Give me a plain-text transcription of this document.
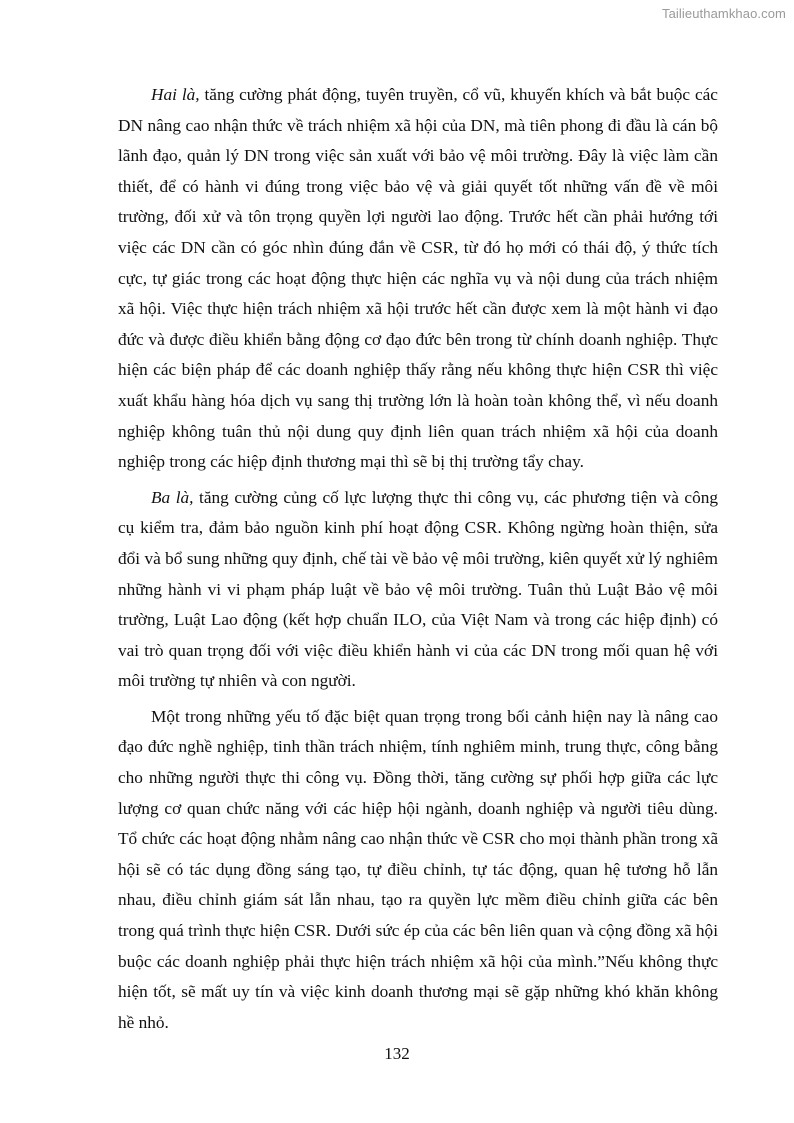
Tailieuthamkhao.com

Hai là, tăng cường phát động, tuyên truyền, cổ vũ, khuyến khích và bắt buộc các DN nâng cao nhận thức về trách nhiệm xã hội của DN, mà tiên phong đi đầu là cán bộ lãnh đạo, quản lý DN trong việc sản xuất với bảo vệ môi trường. Đây là việc làm cần thiết, để có hành vi đúng trong việc bảo vệ và giải quyết tốt những vấn đề về môi trường, đối xử và tôn trọng quyền lợi người lao động. Trước hết cần phải hướng tới việc các DN cần có góc nhìn đúng đắn về CSR, từ đó họ mới có thái độ, ý thức tích cực, tự giác trong các hoạt động thực hiện các nghĩa vụ và nội dung của trách nhiệm xã hội. Việc thực hiện trách nhiệm xã hội trước hết cần được xem là một hành vi đạo đức và được điều khiển bằng động cơ đạo đức bên trong từ chính doanh nghiệp. Thực hiện các biện pháp để các doanh nghiệp thấy rằng nếu không thực hiện CSR thì việc xuất khẩu hàng hóa dịch vụ sang thị trường lớn là hoàn toàn không thể, vì nếu doanh nghiệp không tuân thủ nội dung quy định liên quan trách nhiệm xã hội của doanh nghiệp trong các hiệp định thương mại thì sẽ bị thị trường tẩy chay.

Ba là, tăng cường củng cố lực lượng thực thi công vụ, các phương tiện và công cụ kiểm tra, đảm bảo nguồn kinh phí hoạt động CSR. Không ngừng hoàn thiện, sửa đổi và bổ sung những quy định, chế tài về bảo vệ môi trường, kiên quyết xử lý nghiêm những hành vi vi phạm pháp luật về bảo vệ môi trường. Tuân thủ Luật Bảo vệ môi trường, Luật Lao động (kết hợp chuẩn ILO, của Việt Nam và trong các hiệp định) có vai trò quan trọng đối với việc điều khiển hành vi của các DN trong mối quan hệ với môi trường tự nhiên và con người.

Một trong những yếu tố đặc biệt quan trọng trong bối cảnh hiện nay là nâng cao đạo đức nghề nghiệp, tinh thần trách nhiệm, tính nghiêm minh, trung thực, công bằng cho những người thực thi công vụ. Đồng thời, tăng cường sự phối hợp giữa các lực lượng cơ quan chức năng với các hiệp hội ngành, doanh nghiệp và người tiêu dùng. Tổ chức các hoạt động nhằm nâng cao nhận thức về CSR cho mọi thành phần trong xã hội sẽ có tác dụng đồng sáng tạo, tự điều chỉnh, tự tác động, quan hệ tương hỗ lẫn nhau, điều chỉnh giám sát lẫn nhau, tạo ra quyền lực mềm điều chỉnh giữa các bên trong quá trình thực hiện CSR. Dưới sức ép của các bên liên quan và cộng đồng xã hội buộc các doanh nghiệp phải thực hiện trách nhiệm xã hội của mình.”Nếu không thực hiện tốt, sẽ mất uy tín và việc kinh doanh thương mại sẽ gặp những khó khăn không hề nhỏ.

132
